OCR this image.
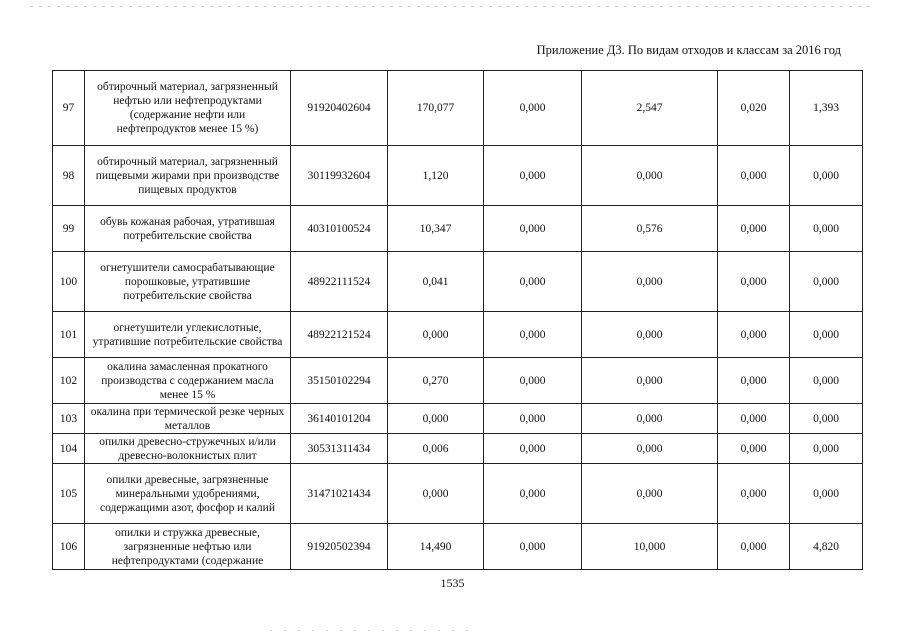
Приложение Д3. По видам отходов и классам за 2016 год
97	обтирочный материал, загрязненный нефтью или нефтепродуктами (содержание нефти или нефтепродуктов менее 15 %)	91920402604	170,077	0,000	2,547	0,020	1,393
98	обтирочный материал, загрязненный пищевыми жирами при производстве пищевых продуктов	30119932604	1,120	0,000	0,000	0,000	0,000
99	обувь кожаная рабочая, утратившая потребительские свойства	40310100524	10,347	0,000	0,576	0,000	0,000
100	огнетушители самосрабатывающие порошковые, утратившие потребительские свойства	48922111524	0,041	0,000	0,000	0,000	0,000
101	огнетушители углекислотные, утратившие потребительские свойства	48922121524	0,000	0,000	0,000	0,000	0,000
102	окалина замасленная прокатного производства с содержанием масла менее 15 %	35150102294	0,270	0,000	0,000	0,000	0,000
103	окалина при термической резке черных металлов	36140101204	0,000	0,000	0,000	0,000	0,000
104	опилки древесно-стружечных и/или древесно-волокнистых плит	30531311434	0,006	0,000	0,000	0,000	0,000
105	опилки древесные, загрязненные минеральными удобрениями, содержащими азот, фосфор и калий	31471021434	0,000	0,000	0,000	0,000	0,000
106	опилки и стружка древесные, загрязненные нефтью или нефтепродуктами (содержание	91920502394	14,490	0,000	10,000	0,000	4,820
1535
